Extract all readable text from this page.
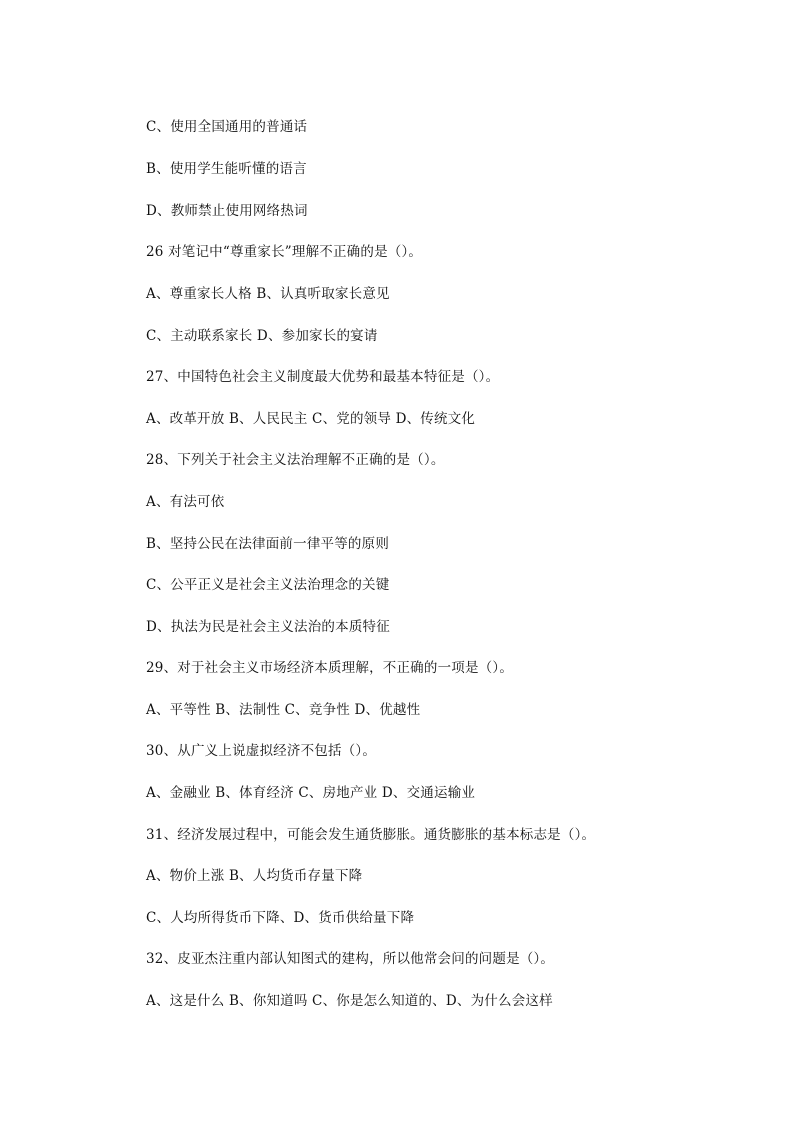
C、使用全国通用的普通话
B、使用学生能听懂的语言
D、教师禁止使用网络热词
26 对笔记中“尊重家长”理解不正确的是（）。
A、尊重家长人格 B、认真听取家长意见
C、主动联系家长 D、参加家长的宴请
27、中国特色社会主义制度最大优势和最基本特征是（）。
A、改革开放 B、人民民主 C、党的领导 D、传统文化
28、下列关于社会主义法治理解不正确的是（）。
A、有法可依
B、坚持公民在法律面前一律平等的原则
C、公平正义是社会主义法治理念的关键
D、执法为民是社会主义法治的本质特征
29、对于社会主义市场经济本质理解，不正确的一项是（）。
A、平等性 B、法制性 C、竞争性 D、优越性
30、从广义上说虚拟经济不包括（）。
A、金融业 B、体育经济 C、房地产业 D、交通运输业
31、经济发展过程中，可能会发生通货膨胀。通货膨胀的基本标志是（）。
A、物价上涨 B、人均货币存量下降
C、人均所得货币下降、D、货币供给量下降
32、皮亚杰注重内部认知图式的建构，所以他常会问的问题是（）。
A、这是什么 B、你知道吗 C、你是怎么知道的、D、为什么会这样
